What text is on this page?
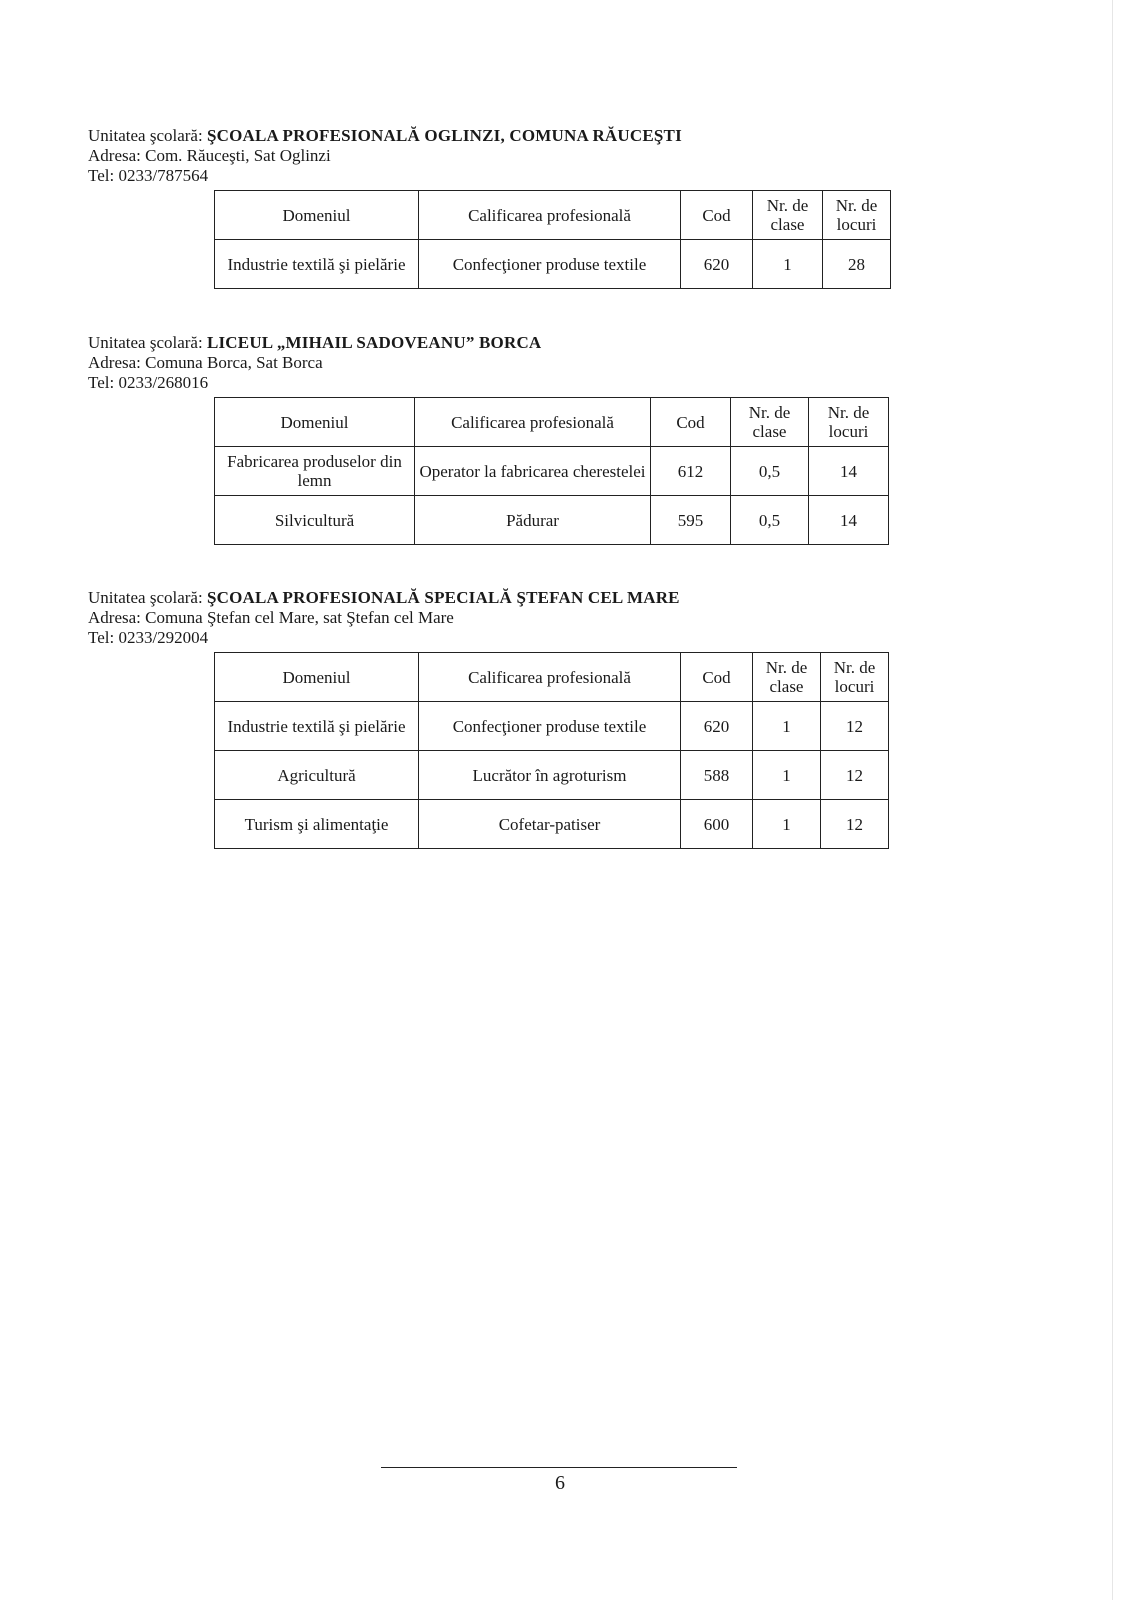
Unitatea şcolară: ŞCOALA PROFESIONALĂ OGLINZI, COMUNA RĂUCEŞTI
Adresa: Com. Răuceşti, Sat Oglinzi
Tel: 0233/787564
Domeniul	Calificarea profesională	Cod	Nr. de clase	Nr. de locuri
Industrie textilă şi pielărie	Confecţioner produse textile	620	1	28
Unitatea şcolară: LICEUL „MIHAIL SADOVEANU” BORCA
Adresa: Comuna Borca, Sat Borca
Tel: 0233/268016
Domeniul	Calificarea profesională	Cod	Nr. de clase	Nr. de locuri
Fabricarea produselor din lemn	Operator la fabricarea cherestelei	612	0,5	14
Silvicultură	Pădurar	595	0,5	14
Unitatea şcolară: ŞCOALA PROFESIONALĂ SPECIALĂ ŞTEFAN CEL MARE
Adresa: Comuna Ştefan cel Mare, sat Ştefan cel Mare
Tel: 0233/292004
Domeniul	Calificarea profesională	Cod	Nr. de clase	Nr. de locuri
Industrie textilă şi pielărie	Confecţioner produse textile	620	1	12
Agricultură	Lucrător în agroturism	588	1	12
Turism şi alimentaţie	Cofetar-patiser	600	1	12
6
